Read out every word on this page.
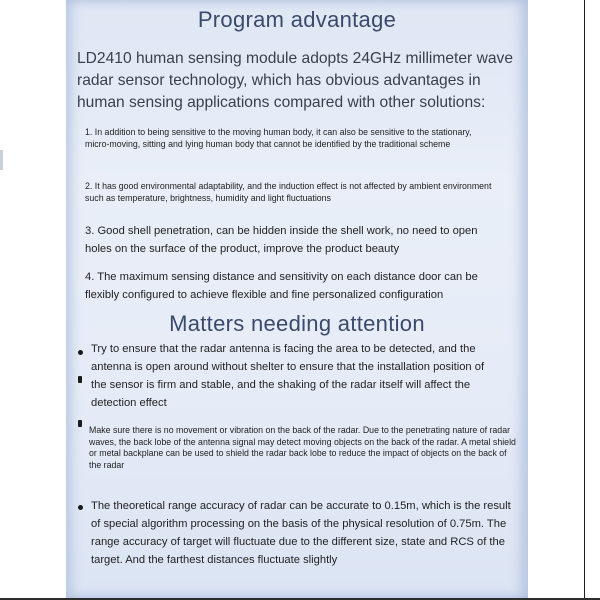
Program advantage
LD2410 human sensing module adopts 24GHz millimeter wave radar sensor technology, which has obvious advantages in human sensing applications compared with other solutions:
1. In addition to being sensitive to the moving human body, it can also be sensitive to the stationary, micro-moving, sitting and lying human body that cannot be identified by the traditional scheme
2. It has good environmental adaptability, and the induction effect is not affected by ambient environment such as temperature, brightness, humidity and light fluctuations
3. Good shell penetration, can be hidden inside the shell work, no need to open holes on the surface of the product, improve the product beauty
4. The maximum sensing distance and sensitivity on each distance door can be flexibly configured to achieve flexible and fine personalized configuration
Matters needing attention
Try to ensure that the radar antenna is facing the area to be detected, and the antenna is open around without shelter to ensure that the installation position of the sensor is firm and stable, and the shaking of the radar itself will affect the detection effect
Make sure there is no movement or vibration on the back of the radar. Due to the penetrating nature of radar waves, the back lobe of the antenna signal may detect moving objects on the back of the radar. A metal shield or metal backplane can be used to shield the radar back lobe to reduce the impact of objects on the back of the radar
The theoretical range accuracy of radar can be accurate to 0.15m, which is the result of special algorithm processing on the basis of the physical resolution of 0.75m. The range accuracy of target will fluctuate due to the different size, state and RCS of the target. And the farthest distances fluctuate slightly
